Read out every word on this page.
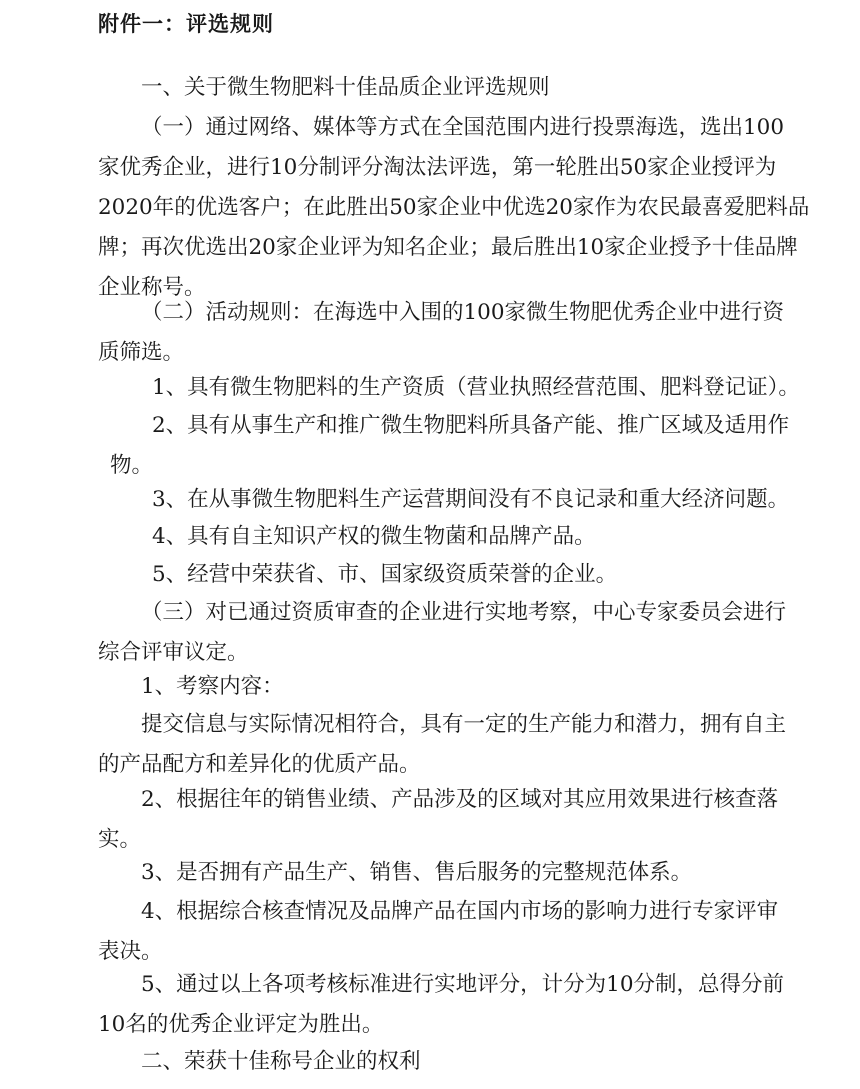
附件一：评选规则
一、关于微生物肥料十佳品质企业评选规则
（一）通过网络、媒体等方式在全国范围内进行投票海选，选出100
家优秀企业，进行10分制评分淘汰法评选，第一轮胜出50家企业授评为
2020年的优选客户；在此胜出50家企业中优选20家作为农民最喜爱肥料品
牌；再次优选出20家企业评为知名企业；最后胜出10家企业授予十佳品牌
企业称号。
（二）活动规则：在海选中入围的100家微生物肥优秀企业中进行资
质筛选。
1、具有微生物肥料的生产资质（营业执照经营范围、肥料登记证）。
2、具有从事生产和推广微生物肥料所具备产能、推广区域及适用作
物。
3、在从事微生物肥料生产运营期间没有不良记录和重大经济问题。
4、具有自主知识产权的微生物菌和品牌产品。
5、经营中荣获省、市、国家级资质荣誉的企业。
（三）对已通过资质审查的企业进行实地考察，中心专家委员会进行
综合评审议定。
1、考察内容：
提交信息与实际情况相符合，具有一定的生产能力和潜力，拥有自主
的产品配方和差异化的优质产品。
2、根据往年的销售业绩、产品涉及的区域对其应用效果进行核查落
实。
3、是否拥有产品生产、销售、售后服务的完整规范体系。
4、根据综合核查情况及品牌产品在国内市场的影响力进行专家评审
表决。
5、通过以上各项考核标准进行实地评分，计分为10分制，总得分前
10名的优秀企业评定为胜出。
二、荣获十佳称号企业的权利
